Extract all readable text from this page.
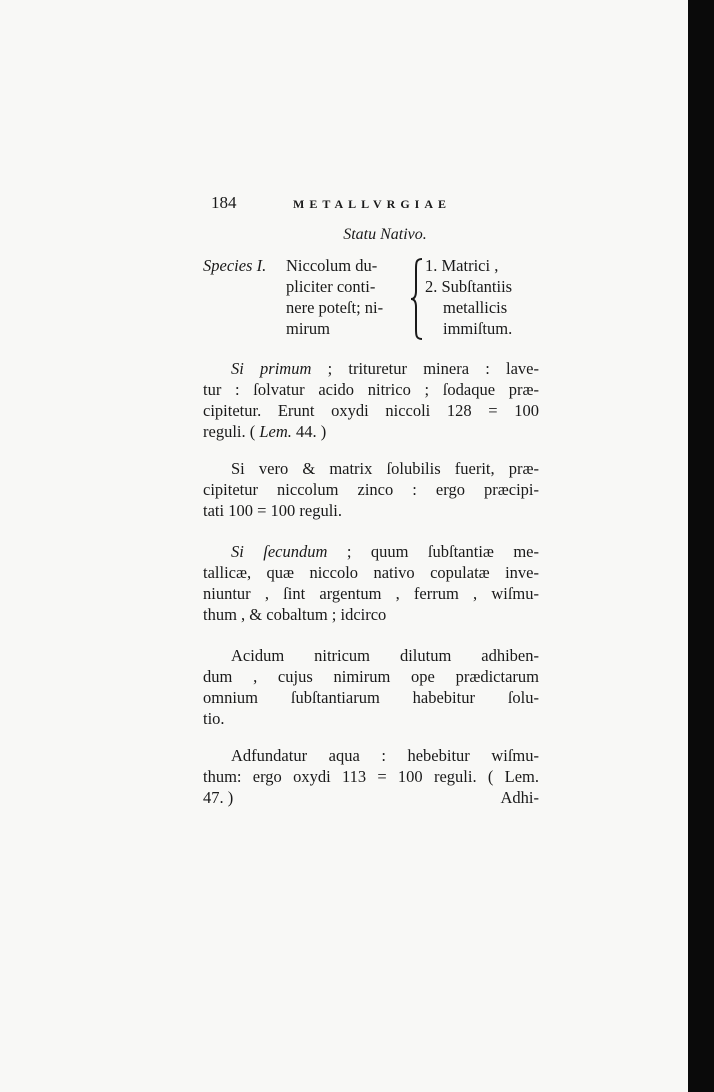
184	METALLVRGIAE
Statu Nativo.
Species I. Niccolum du-
pliciter conti-
nere poteſt; ni-
mirum
1. Matrici ,
2. Subſtantiis
metallicis
immiſtum.
Si primum ; trituretur minera : lave-
tur : ſolvatur acido nitrico ; ſodaque præ-
cipitetur. Erunt oxydi niccoli 128 = 100
reguli. ( Lem. 44. )
Si vero & matrix ſolubilis fuerit, præ-
cipitetur niccolum zinco : ergo præcipi-
tati 100 = 100 reguli.
Si ſecundum ; quum ſubſtantiæ me-
tallicæ, quæ niccolo nativo copulatæ inve-
niuntur , ſint argentum , ferrum , wiſmu-
thum , & cobaltum ; idcirco
Acidum nitricum dilutum adhiben-
dum , cujus nimirum ope prædictarum
omnium ſubſtantiarum habebitur ſolu-
tio.
Adfundatur aqua : hebebitur wiſmu-
thum: ergo oxydi 113 = 100 reguli. ( Lem.
47. )	Adhi-
